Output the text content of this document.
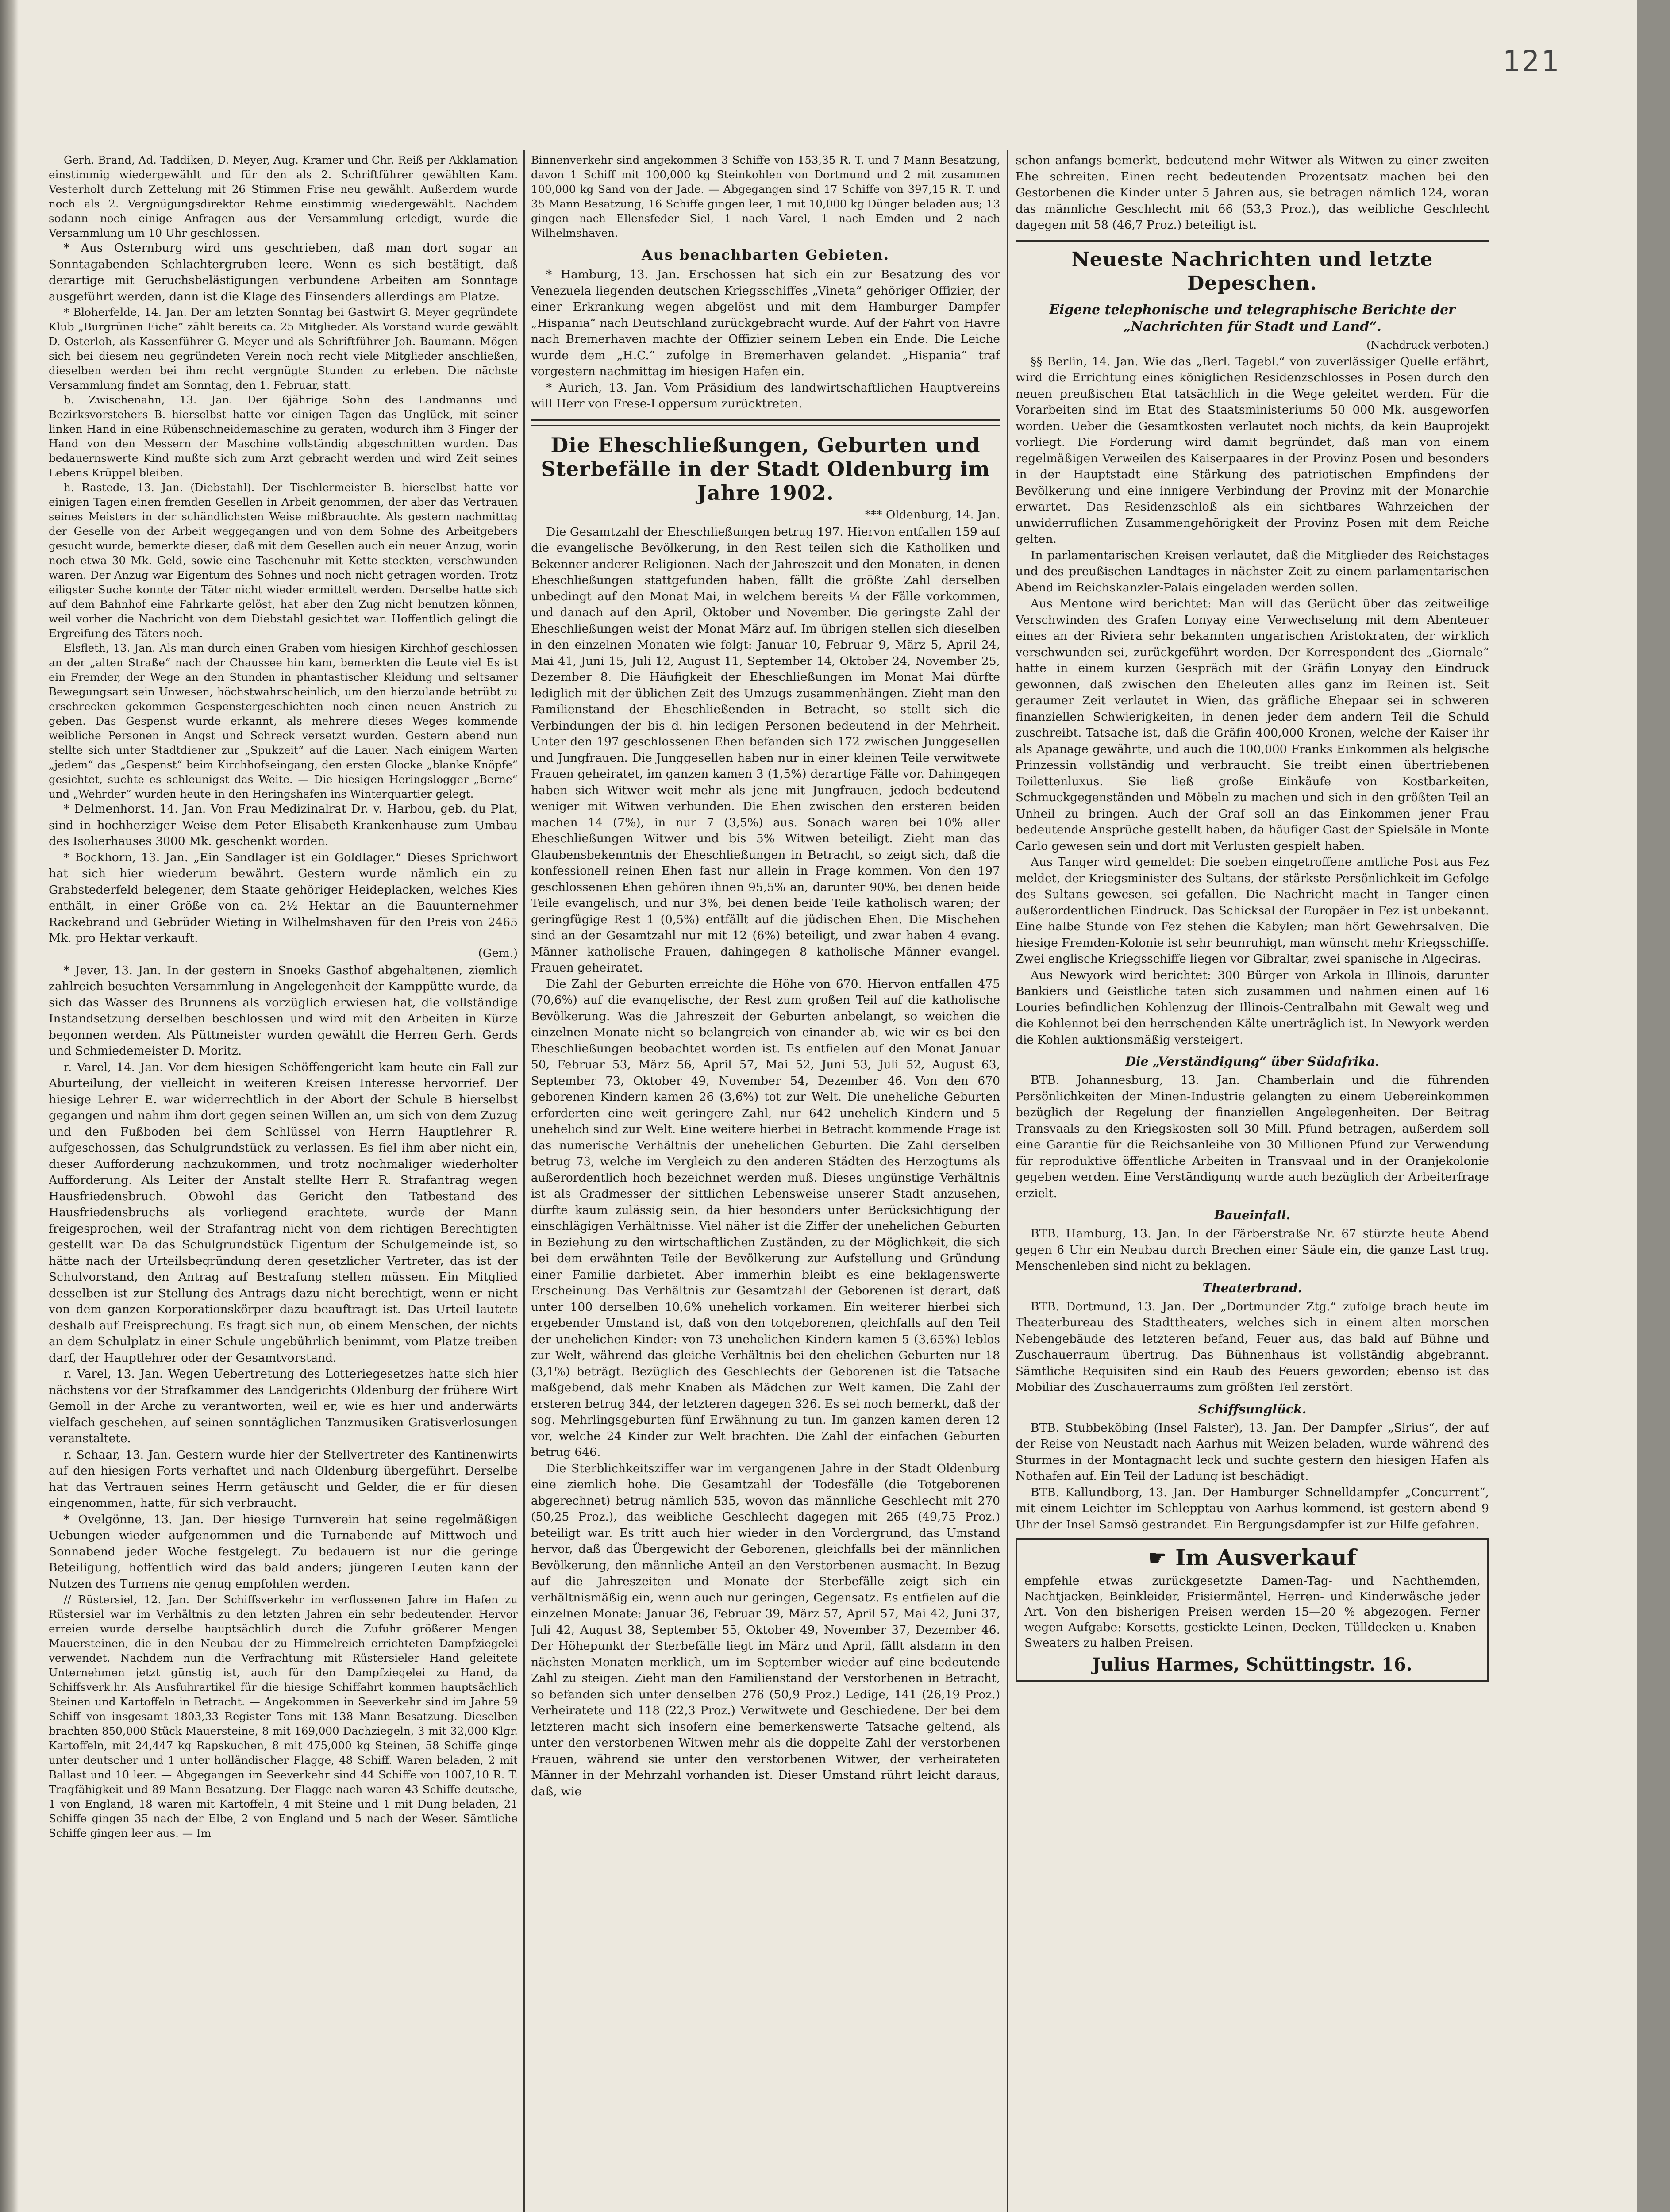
121

Gerh. Brand, Ad. Taddiken, D. Meyer, Aug. Kramer und Chr. Reiß per Akklamation einstimmig wiedergewählt und für den als 2. Schriftführer gewählten Kam. Vesterholt durch Zettelung mit 26 Stimmen Frise neu gewählt. Außerdem wurde noch als 2. Vergnügungsdirektor Rehme einstimmig wiedergewählt. Nachdem sodann noch einige Anfragen aus der Versammlung erledigt, wurde die Versammlung um 10 Uhr geschlossen.

* Aus Osternburg wird uns geschrieben, daß man dort sogar an Sonntagabenden Schlachtergruben leere. Wenn es sich bestätigt, daß derartige mit Geruchsbelästigungen verbundene Arbeiten am Sonntage ausgeführt werden, dann ist die Klage des Einsenders allerdings am Platze.

* Bloherfelde, 14. Jan. Der am letzten Sonntag bei Gastwirt G. Meyer gegründete Klub „Burgrünen Eiche“ zählt bereits ca. 25 Mitglieder. Als Vorstand wurde gewählt D. Osterloh, als Kassenführer G. Meyer und als Schriftführer Joh. Baumann. Mögen sich bei diesem neu gegründeten Verein noch recht viele Mitglieder anschließen, dieselben werden bei ihm recht vergnügte Stunden zu erleben. Die nächste Versammlung findet am Sonntag, den 1. Februar, statt.

b. Zwischenahn, 13. Jan. Der 6jährige Sohn des Landmanns und Bezirksvorstehers B. hierselbst hatte vor einigen Tagen das Unglück, mit seiner linken Hand in eine Rübenschneidemaschine zu geraten, wodurch ihm 3 Finger der Hand von den Messern der Maschine vollständig abgeschnitten wurden. Das bedauernswerte Kind mußte sich zum Arzt gebracht werden und wird Zeit seines Lebens Krüppel bleiben.

h. Rastede, 13. Jan. (Diebstahl). Der Tischlermeister B. hierselbst hatte vor einigen Tagen einen fremden Gesellen in Arbeit genommen, der aber das Vertrauen seines Meisters in der schändlichsten Weise mißbrauchte. Als gestern nachmittag der Geselle von der Arbeit weggegangen und von dem Sohne des Arbeitgebers gesucht wurde, bemerkte dieser, daß mit dem Gesellen auch ein neuer Anzug, worin noch etwa 30 Mk. Geld, sowie eine Taschenuhr mit Kette steckten, verschwunden waren. Der Anzug war Eigentum des Sohnes und noch nicht getragen worden. Trotz eiligster Suche konnte der Täter nicht wieder ermittelt werden. Derselbe hatte sich auf dem Bahnhof eine Fahrkarte gelöst, hat aber den Zug nicht benutzen können, weil vorher die Nachricht von dem Diebstahl gesichtet war. Hoffentlich gelingt die Ergreifung des Täters noch.

Elsfleth, 13. Jan. Als man durch einen Graben vom hiesigen Kirchhof geschlossen an der „alten Straße“ nach der Chaussee hin kam, bemerkten die Leute viel Es ist ein Fremder, der Wege an den Stunden in phantastischer Kleidung und seltsamer Bewegungsart sein Unwesen, höchstwahrscheinlich, um den hierzulande betrübt zu erschrecken gekommen Gespenstergeschichten noch einen neuen Anstrich zu geben. Das Gespenst wurde erkannt, als mehrere dieses Weges kommende weibliche Personen in Angst und Schreck versetzt wurden. Gestern abend nun stellte sich unter Stadtdiener zur „Spukzeit“ auf die Lauer. Nach einigem Warten „jedem“ das „Gespenst“ beim Kirchhofseingang, den ersten Glocke „blanke Knöpfe“ gesichtet, suchte es schleunigst das Weite. — Die hiesigen Heringslogger „Berne“ und „Wehrder“ wurden heute in den Heringshafen ins Winterquartier gelegt.

* Delmenhorst. 14. Jan. Von Frau Medizinalrat Dr. v. Harbou, geb. du Plat, sind in hochherziger Weise dem Peter Elisabeth-Krankenhause zum Umbau des Isolierhauses 3000 Mk. geschenkt worden.

* Bockhorn, 13. Jan. „Ein Sandlager ist ein Goldlager.“ Dieses Sprichwort hat sich hier wiederum bewährt. Gestern wurde nämlich ein zu Grabstederfeld belegener, dem Staate gehöriger Heideplacken, welches Kies enthält, in einer Größe von ca. 2½ Hektar an die Bauunternehmer Rackebrand und Gebrüder Wieting in Wilhelmshaven für den Preis von 2465 Mk. pro Hektar verkauft.

(Gem.)

* Jever, 13. Jan. In der gestern in Snoeks Gasthof abgehaltenen, ziemlich zahlreich besuchten Versammlung in Angelegenheit der Kamppütte wurde, da sich das Wasser des Brunnens als vorzüglich erwiesen hat, die vollständige Instandsetzung derselben beschlossen und wird mit den Arbeiten in Kürze begonnen werden. Als Püttmeister wurden gewählt die Herren Gerh. Gerds und Schmiedemeister D. Moritz.

r. Varel, 14. Jan. Vor dem hiesigen Schöffengericht kam heute ein Fall zur Aburteilung, der vielleicht in weiteren Kreisen Interesse hervorrief. Der hiesige Lehrer E. war widerrechtlich in der Abort der Schule B hierselbst gegangen und nahm ihm dort gegen seinen Willen an, um sich von dem Zuzug und den Fußboden bei dem Schlüssel von Herrn Hauptlehrer R. aufgeschossen, das Schulgrundstück zu verlassen. Es fiel ihm aber nicht ein, dieser Aufforderung nachzukommen, und trotz nochmaliger wiederholter Aufforderung. Als Leiter der Anstalt stellte Herr R. Strafantrag wegen Hausfriedensbruch. Obwohl das Gericht den Tatbestand des Hausfriedensbruchs als vorliegend erachtete, wurde der Mann freigesprochen, weil der Strafantrag nicht von dem richtigen Berechtigten gestellt war. Da das Schulgrundstück Eigentum der Schulgemeinde ist, so hätte nach der Urteilsbegründung deren gesetzlicher Vertreter, das ist der Schulvorstand, den Antrag auf Bestrafung stellen müssen. Ein Mitglied desselben ist zur Stellung des Antrags dazu nicht berechtigt, wenn er nicht von dem ganzen Korporationskörper dazu beauftragt ist. Das Urteil lautete deshalb auf Freisprechung. Es fragt sich nun, ob einem Menschen, der nichts an dem Schulplatz in einer Schule ungebührlich benimmt, vom Platze treiben darf, der Hauptlehrer oder der Gesamtvorstand.

r. Varel, 13. Jan. Wegen Uebertretung des Lotteriegesetzes hatte sich hier nächstens vor der Strafkammer des Landgerichts Oldenburg der frühere Wirt Gemoll in der Arche zu verantworten, weil er, wie es hier und anderwärts vielfach geschehen, auf seinen sonntäglichen Tanzmusiken Gratisverlosungen veranstaltete.

r. Schaar, 13. Jan. Gestern wurde hier der Stellvertreter des Kantinenwirts auf den hiesigen Forts verhaftet und nach Oldenburg übergeführt. Derselbe hat das Vertrauen seines Herrn getäuscht und Gelder, die er für diesen eingenommen, hatte, für sich verbraucht.

* Ovelgönne, 13. Jan. Der hiesige Turnverein hat seine regelmäßigen Uebungen wieder aufgenommen und die Turnabende auf Mittwoch und Sonnabend jeder Woche festgelegt. Zu bedauern ist nur die geringe Beteiligung, hoffentlich wird das bald anders; jüngeren Leuten kann der Nutzen des Turnens nie genug empfohlen werden.

// Rüstersiel, 12. Jan. Der Schiffsverkehr im verflossenen Jahre im Hafen zu Rüstersiel war im Verhältnis zu den letzten Jahren ein sehr bedeutender. Hervor erreien wurde derselbe hauptsächlich durch die Zufuhr größerer Mengen Mauersteinen, die in den Neubau der zu Himmelreich errichteten Dampfziegelei verwendet. Nachdem nun die Verfrachtung mit Rüstersieler Hand geleitete Unternehmen jetzt günstig ist, auch für den Dampfziegelei zu Hand, da Schiffsverk.hr. Als Ausfuhrartikel für die hiesige Schiffahrt kommen hauptsächlich Steinen und Kartoffeln in Betracht. — Angekommen in Seeverkehr sind im Jahre 59 Schiff von insgesamt 1803,33 Register Tons mit 138 Mann Besatzung. Dieselben brachten 850,000 Stück Mauersteine, 8 mit 169,000 Dachziegeln, 3 mit 32,000 Klgr. Kartoffeln, mit 24,447 kg Rapskuchen, 8 mit 475,000 kg Steinen, 58 Schiffe ginge unter deutscher und 1 unter holländischer Flagge, 48 Schiff. Waren beladen, 2 mit Ballast und 10 leer. — Abgegangen im Seeverkehr sind 44 Schiffe von 1007,10 R. T. Tragfähigkeit und 89 Mann Besatzung. Der Flagge nach waren 43 Schiffe deutsche, 1 von England, 18 waren mit Kartoffeln, 4 mit Steine und 1 mit Dung beladen, 21 Schiffe gingen 35 nach der Elbe, 2 von England und 5 nach der Weser. Sämtliche Schiffe gingen leer aus. — Im

Binnenverkehr sind angekommen 3 Schiffe von 153,35 R. T. und 7 Mann Besatzung, davon 1 Schiff mit 100,000 kg Steinkohlen von Dortmund und 2 mit zusammen 100,000 kg Sand von der Jade. — Abgegangen sind 17 Schiffe von 397,15 R. T. und 35 Mann Besatzung, 16 Schiffe gingen leer, 1 mit 10,000 kg Dünger beladen aus; 13 gingen nach Ellensfeder Siel, 1 nach Varel, 1 nach Emden und 2 nach Wilhelmshaven.

Aus benachbarten Gebieten.

* Hamburg, 13. Jan. Erschossen hat sich ein zur Besatzung des vor Venezuela liegenden deutschen Kriegsschiffes „Vineta“ gehöriger Offizier, der einer Erkrankung wegen abgelöst und mit dem Hamburger Dampfer „Hispania“ nach Deutschland zurückgebracht wurde. Auf der Fahrt von Havre nach Bremerhaven machte der Offizier seinem Leben ein Ende. Die Leiche wurde dem „H.C.“ zufolge in Bremerhaven gelandet. „Hispania“ traf vorgestern nachmittag im hiesigen Hafen ein.

* Aurich, 13. Jan. Vom Präsidium des landwirtschaftlichen Hauptvereins will Herr von Frese-Loppersum zurücktreten.

Die Eheschließungen, Geburten und Sterbefälle in der Stadt Oldenburg im Jahre 1902.

*** Oldenburg, 14. Jan.

Die Gesamtzahl der Eheschließungen betrug 197. Hiervon entfallen 159 auf die evangelische Bevölkerung, in den Rest teilen sich die Katholiken und Bekenner anderer Religionen. Nach der Jahreszeit und den Monaten, in denen Eheschließungen stattgefunden haben, fällt die größte Zahl derselben unbedingt auf den Monat Mai, in welchem bereits ¼ der Fälle vorkommen, und danach auf den April, Oktober und November. Die geringste Zahl der Eheschließungen weist der Monat März auf. Im übrigen stellen sich dieselben in den einzelnen Monaten wie folgt: Januar 10, Februar 9, März 5, April 24, Mai 41, Juni 15, Juli 12, August 11, September 14, Oktober 24, November 25, Dezember 8. Die Häufigkeit der Eheschließungen im Monat Mai dürfte lediglich mit der üblichen Zeit des Umzugs zusammenhängen. Zieht man den Familienstand der Eheschließenden in Betracht, so stellt sich die Verbindungen der bis d. hin ledigen Personen bedeutend in der Mehrheit. Unter den 197 geschlossenen Ehen befanden sich 172 zwischen Junggesellen und Jungfrauen. Die Junggesellen haben nur in einer kleinen Teile verwitwete Frauen geheiratet, im ganzen kamen 3 (1,5%) derartige Fälle vor. Dahingegen haben sich Witwer weit mehr als jene mit Jungfrauen, jedoch bedeutend weniger mit Witwen verbunden. Die Ehen zwischen den ersteren beiden machen 14 (7%), in nur 7 (3,5%) aus. Sonach waren bei 10% aller Eheschließungen Witwer und bis 5% Witwen beteiligt. Zieht man das Glaubensbekenntnis der Eheschließungen in Betracht, so zeigt sich, daß die konfessionell reinen Ehen fast nur allein in Frage kommen. Von den 197 geschlossenen Ehen gehören ihnen 95,5% an, darunter 90%, bei denen beide Teile evangelisch, und nur 3%, bei denen beide Teile katholisch waren; der geringfügige Rest 1 (0,5%) entfällt auf die jüdischen Ehen. Die Mischehen sind an der Gesamtzahl nur mit 12 (6%) beteiligt, und zwar haben 4 evang. Männer katholische Frauen, dahingegen 8 katholische Männer evangel. Frauen geheiratet.

Die Zahl der Geburten erreichte die Höhe von 670. Hiervon entfallen 475 (70,6%) auf die evangelische, der Rest zum großen Teil auf die katholische Bevölkerung. Was die Jahreszeit der Geburten anbelangt, so weichen die einzelnen Monate nicht so belangreich von einander ab, wie wir es bei den Eheschließungen beobachtet worden ist. Es entfielen auf den Monat Januar 50, Februar 53, März 56, April 57, Mai 52, Juni 53, Juli 52, August 63, September 73, Oktober 49, November 54, Dezember 46. Von den 670 geborenen Kindern kamen 26 (3,6%) tot zur Welt. Die uneheliche Geburten erforderten eine weit geringere Zahl, nur 642 unehelich Kindern und 5 unehelich sind zur Welt. Eine weitere hierbei in Betracht kommende Frage ist das numerische Verhältnis der unehelichen Geburten. Die Zahl derselben betrug 73, welche im Vergleich zu den anderen Städten des Herzogtums als außerordentlich hoch bezeichnet werden muß. Dieses ungünstige Verhältnis ist als Gradmesser der sittlichen Lebensweise unserer Stadt anzusehen, dürfte kaum zulässig sein, da hier besonders unter Berücksichtigung der einschlägigen Verhältnisse. Viel näher ist die Ziffer der unehelichen Geburten in Beziehung zu den wirtschaftlichen Zuständen, zu der Möglichkeit, die sich bei dem erwähnten Teile der Bevölkerung zur Aufstellung und Gründung einer Familie darbietet. Aber immerhin bleibt es eine beklagenswerte Erscheinung. Das Verhältnis zur Gesamtzahl der Geborenen ist derart, daß unter 100 derselben 10,6% unehelich vorkamen. Ein weiterer hierbei sich ergebender Umstand ist, daß von den totgeborenen, gleichfalls auf den Teil der unehelichen Kinder: von 73 unehelichen Kindern kamen 5 (3,65%) leblos zur Welt, während das gleiche Verhältnis bei den ehelichen Geburten nur 18 (3,1%) beträgt. Bezüglich des Geschlechts der Geborenen ist die Tatsache maßgebend, daß mehr Knaben als Mädchen zur Welt kamen. Die Zahl der ersteren betrug 344, der letzteren dagegen 326. Es sei noch bemerkt, daß der sog. Mehrlingsgeburten fünf Erwähnung zu tun. Im ganzen kamen deren 12 vor, welche 24 Kinder zur Welt brachten. Die Zahl der einfachen Geburten betrug 646.

Die Sterblichkeitsziffer war im vergangenen Jahre in der Stadt Oldenburg eine ziemlich hohe. Die Gesamtzahl der Todesfälle (die Totgeborenen abgerechnet) betrug nämlich 535, wovon das männliche Geschlecht mit 270 (50,25 Proz.), das weibliche Geschlecht dagegen mit 265 (49,75 Proz.) beteiligt war. Es tritt auch hier wieder in den Vordergrund, das Umstand hervor, daß das Übergewicht der Geborenen, gleichfalls bei der männlichen Bevölkerung, den männliche Anteil an den Verstorbenen ausmacht. In Bezug auf die Jahreszeiten und Monate der Sterbefälle zeigt sich ein verhältnismäßig ein, wenn auch nur geringen, Gegensatz. Es entfielen auf die einzelnen Monate: Januar 36, Februar 39, März 57, April 57, Mai 42, Juni 37, Juli 42, August 38, September 55, Oktober 49, November 37, Dezember 46. Der Höhepunkt der Sterbefälle liegt im März und April, fällt alsdann in den nächsten Monaten merklich, um im September wieder auf eine bedeutende Zahl zu steigen. Zieht man den Familienstand der Verstorbenen in Betracht, so befanden sich unter denselben 276 (50,9 Proz.) Ledige, 141 (26,19 Proz.) Verheiratete und 118 (22,3 Proz.) Verwitwete und Geschiedene. Der bei dem letzteren macht sich insofern eine bemerkenswerte Tatsache geltend, als unter den verstorbenen Witwen mehr als die doppelte Zahl der verstorbenen Frauen, während sie unter den verstorbenen Witwer, der verheirateten Männer in der Mehrzahl vorhanden ist. Dieser Umstand rührt leicht daraus, daß, wie

schon anfangs bemerkt, bedeutend mehr Witwer als Witwen zu einer zweiten Ehe schreiten. Einen recht bedeutenden Prozentsatz machen bei den Gestorbenen die Kinder unter 5 Jahren aus, sie betragen nämlich 124, woran das männliche Geschlecht mit 66 (53,3 Proz.), das weibliche Geschlecht dagegen mit 58 (46,7 Proz.) beteiligt ist.

Neueste Nachrichten und letzte Depeschen.
Eigene telephonische und telegraphische Berichte der „Nachrichten für Stadt und Land“.
(Nachdruck verboten.)

§§ Berlin, 14. Jan. Wie das „Berl. Tagebl.“ von zuverlässiger Quelle erfährt, wird die Errichtung eines königlichen Residenzschlosses in Posen durch den neuen preußischen Etat tatsächlich in die Wege geleitet werden. Für die Vorarbeiten sind im Etat des Staatsministeriums 50 000 Mk. ausgeworfen worden. Ueber die Gesamtkosten verlautet noch nichts, da kein Bauprojekt vorliegt. Die Forderung wird damit begründet, daß man von einem regelmäßigen Verweilen des Kaiserpaares in der Provinz Posen und besonders in der Hauptstadt eine Stärkung des patriotischen Empfindens der Bevölkerung und eine innigere Verbindung der Provinz mit der Monarchie erwartet. Das Residenzschloß als ein sichtbares Wahrzeichen der unwiderruflichen Zusammengehörigkeit der Provinz Posen mit dem Reiche gelten.

In parlamentarischen Kreisen verlautet, daß die Mitglieder des Reichstages und des preußischen Landtages in nächster Zeit zu einem parlamentarischen Abend im Reichskanzler-Palais eingeladen werden sollen.

Aus Mentone wird berichtet: Man will das Gerücht über das zeitweilige Verschwinden des Grafen Lonyay eine Verwechselung mit dem Abenteuer eines an der Riviera sehr bekannten ungarischen Aristokraten, der wirklich verschwunden sei, zurückgeführt worden. Der Korrespondent des „Giornale“ hatte in einem kurzen Gespräch mit der Gräfin Lonyay den Eindruck gewonnen, daß zwischen den Eheleuten alles ganz im Reinen ist. Seit geraumer Zeit verlautet in Wien, das gräfliche Ehepaar sei in schweren finanziellen Schwierigkeiten, in denen jeder dem andern Teil die Schuld zuschreibt. Tatsache ist, daß die Gräfin 400,000 Kronen, welche der Kaiser ihr als Apanage gewährte, und auch die 100,000 Franks Einkommen als belgische Prinzessin vollständig und verbraucht. Sie treibt einen übertriebenen Toilettenluxus. Sie ließ große Einkäufe von Kostbarkeiten, Schmuckgegenständen und Möbeln zu machen und sich in den größten Teil an Unheil zu bringen. Auch der Graf soll an das Einkommen jener Frau bedeutende Ansprüche gestellt haben, da häufiger Gast der Spielsäle in Monte Carlo gewesen sein und dort mit Verlusten gespielt haben.

Aus Tanger wird gemeldet: Die soeben eingetroffene amtliche Post aus Fez meldet, der Kriegsminister des Sultans, der stärkste Persönlichkeit im Gefolge des Sultans gewesen, sei gefallen. Die Nachricht macht in Tanger einen außerordentlichen Eindruck. Das Schicksal der Europäer in Fez ist unbekannt. Eine halbe Stunde von Fez stehen die Kabylen; man hört Gewehrsalven. Die hiesige Fremden-Kolonie ist sehr beunruhigt, man wünscht mehr Kriegsschiffe. Zwei englische Kriegsschiffe liegen vor Gibraltar, zwei spanische in Algeciras.

Aus Newyork wird berichtet: 300 Bürger von Arkola in Illinois, darunter Bankiers und Geistliche taten sich zusammen und nahmen einen auf 16 Louries befindlichen Kohlenzug der Illinois-Centralbahn mit Gewalt weg und die Kohlennot bei den herrschenden Kälte unerträglich ist. In Newyork werden die Kohlen auktionsmäßig versteigert.

Die „Verständigung“ über Südafrika.

BTB. Johannesburg, 13. Jan. Chamberlain und die führenden Persönlichkeiten der Minen-Industrie gelangten zu einem Uebereinkommen bezüglich der Regelung der finanziellen Angelegenheiten. Der Beitrag Transvaals zu den Kriegskosten soll 30 Mill. Pfund betragen, außerdem soll eine Garantie für die Reichsanleihe von 30 Millionen Pfund zur Verwendung für reproduktive öffentliche Arbeiten in Transvaal und in der Oranjekolonie gegeben werden. Eine Verständigung wurde auch bezüglich der Arbeiterfrage erzielt.

Baueinfall.

BTB. Hamburg, 13. Jan. In der Färberstraße Nr. 67 stürzte heute Abend gegen 6 Uhr ein Neubau durch Brechen einer Säule ein, die ganze Last trug. Menschenleben sind nicht zu beklagen.

Theaterbrand.

BTB. Dortmund, 13. Jan. Der „Dortmunder Ztg.“ zufolge brach heute im Theaterbureau des Stadttheaters, welches sich in einem alten morschen Nebengebäude des letzteren befand, Feuer aus, das bald auf Bühne und Zuschauerraum übertrug. Das Bühnenhaus ist vollständig abgebrannt. Sämtliche Requisiten sind ein Raub des Feuers geworden; ebenso ist das Mobiliar des Zuschauerraums zum größten Teil zerstört.

Schiffsunglück.

BTB. Stubbeköbing (Insel Falster), 13. Jan. Der Dampfer „Sirius“, der auf der Reise von Neustadt nach Aarhus mit Weizen beladen, wurde während des Sturmes in der Montagnacht leck und suchte gestern den hiesigen Hafen als Nothafen auf. Ein Teil der Ladung ist beschädigt.

BTB. Kallundborg, 13. Jan. Der Hamburger Schnelldampfer „Concurrent“, mit einem Leichter im Schlepptau von Aarhus kommend, ist gestern abend 9 Uhr der Insel Samsö gestrandet. Ein Bergungsdampfer ist zur Hilfe gefahren.

☛ Im Ausverkauf

empfehle etwas zurückgesetzte Damen-Tag- und Nachthemden, Nachtjacken, Beinkleider, Frisiermäntel, Herren- und Kinderwäsche jeder Art. Von den bisherigen Preisen werden 15—20 % abgezogen. Ferner wegen Aufgabe: Korsetts, gestickte Leinen, Decken, Tülldecken u. Knaben-Sweaters zu halben Preisen.

Julius Harmes, Schüttingstr. 16.
